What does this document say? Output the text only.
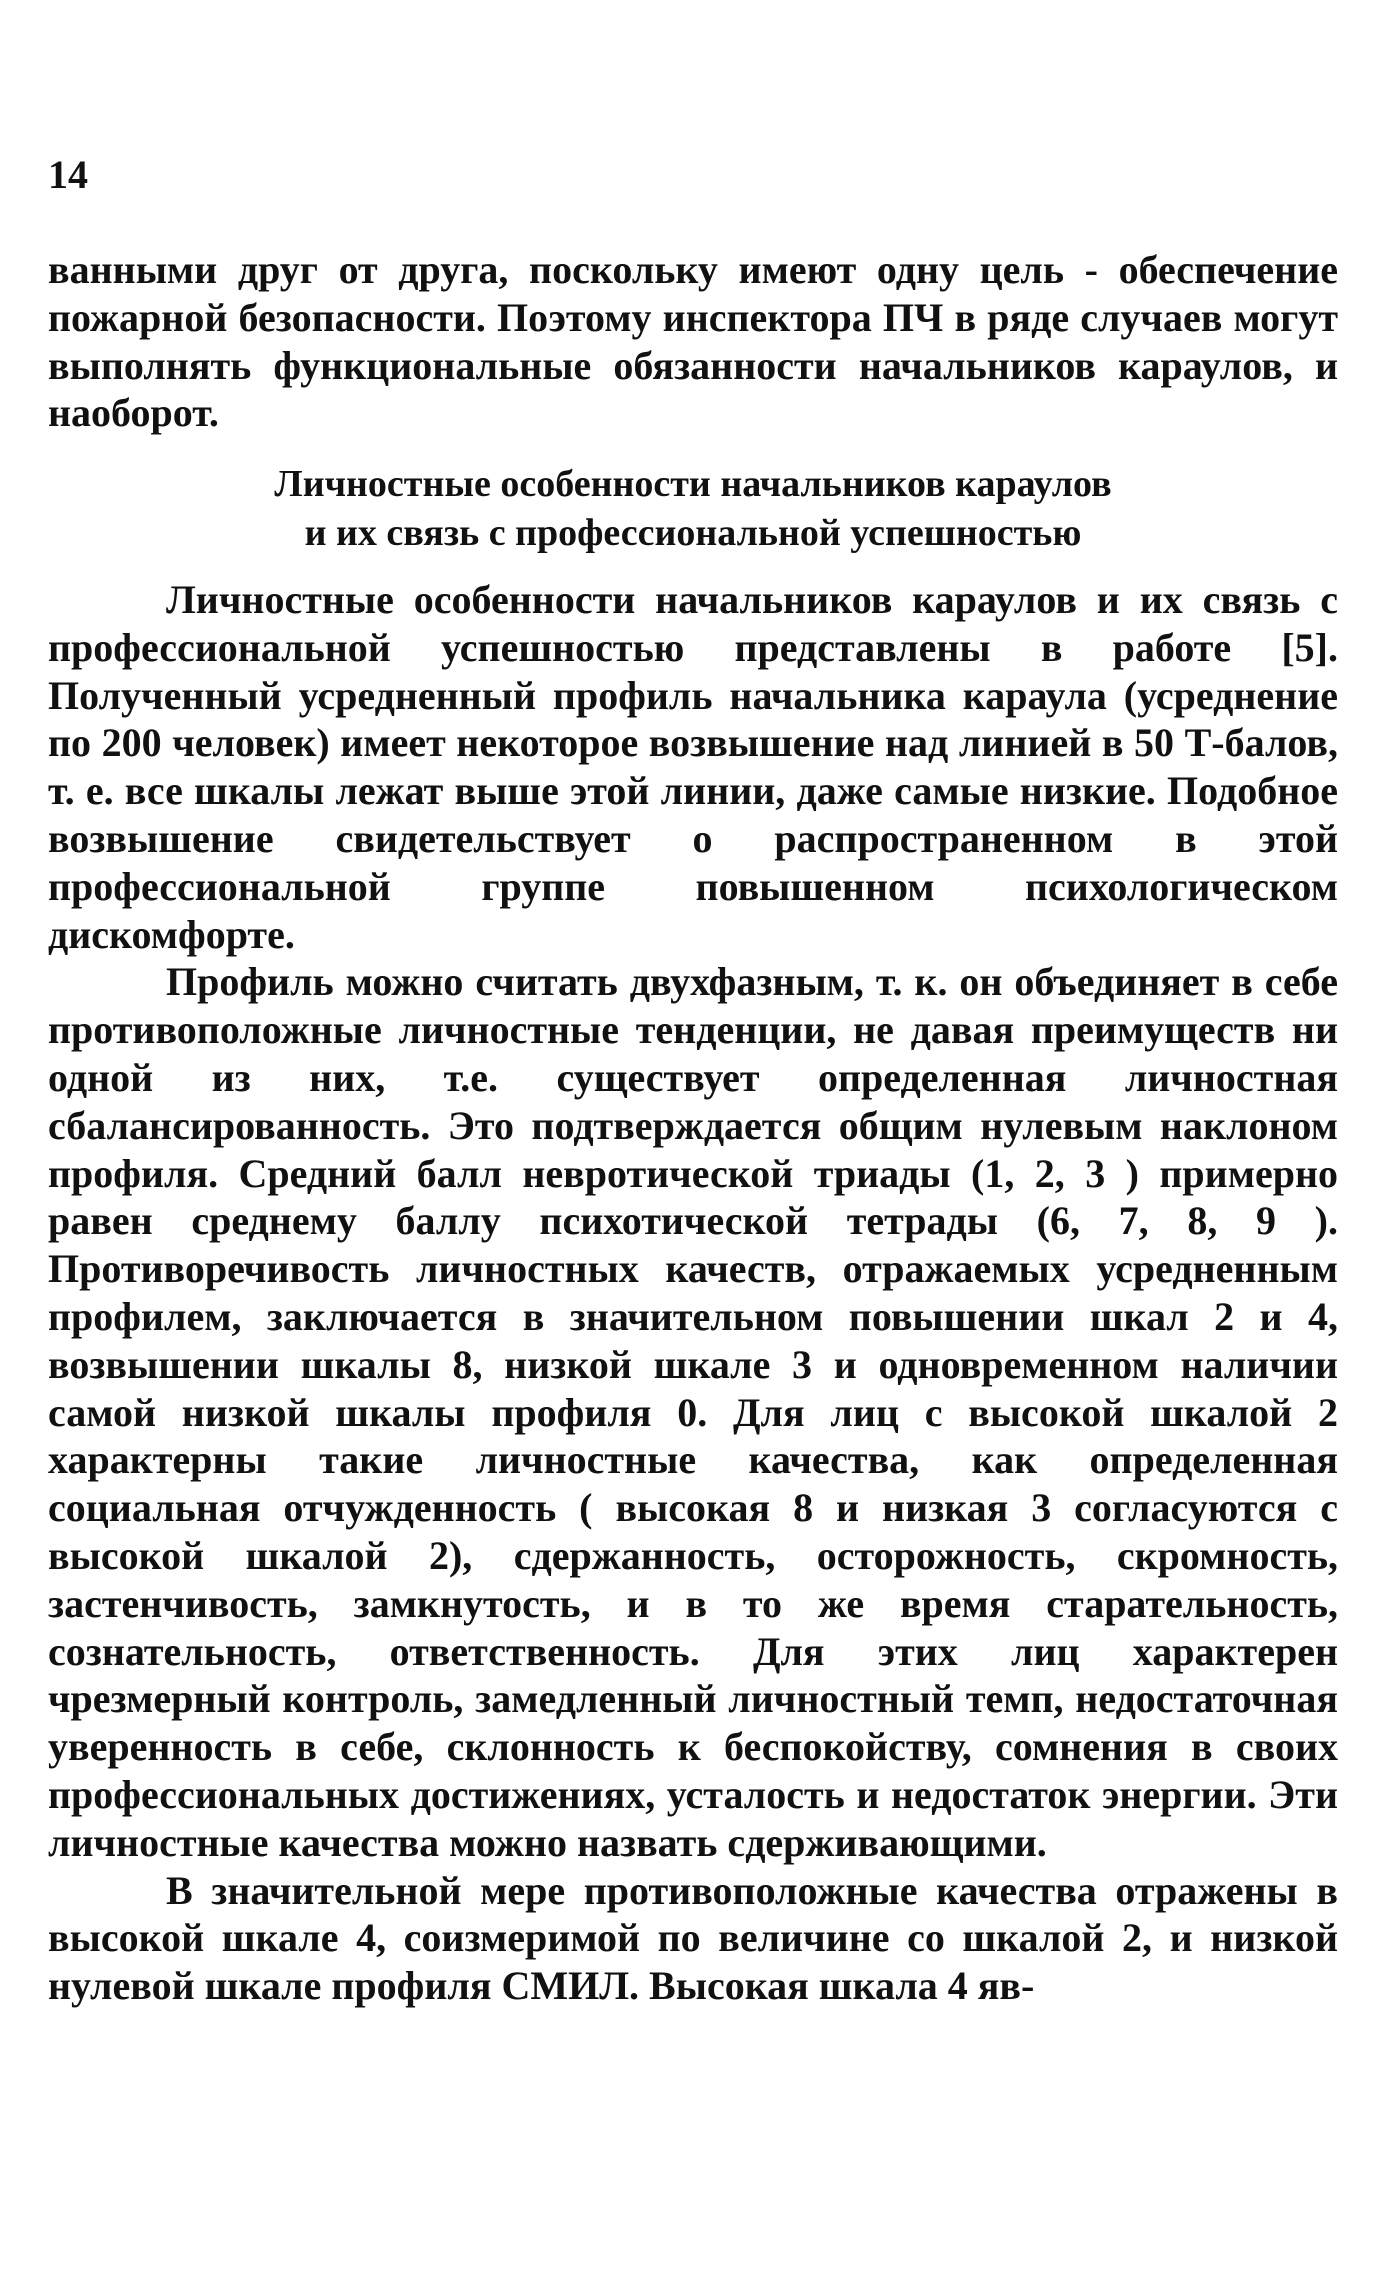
14

ванными друг от друга, поскольку имеют одну цель - обеспечение пожарной безопасности. Поэтому инспектора ПЧ в ряде случаев могут выполнять функциональные обязанности начальников караулов, и наоборот.

Личностные особенности начальников караулов
и их связь с профессиональной успешностью

Личностные особенности начальников караулов и их связь с профессиональной успешностью представлены в работе [5]. Полученный усредненный профиль начальника караула (усреднение по 200 человек) имеет некоторое возвышение над линией в 50 Т-балов, т. е. все шкалы лежат выше этой линии, даже самые низкие. Подобное возвышение свидетельствует о распространенном в этой профессиональной группе повышенном психологическом дискомфорте.

Профиль можно считать двухфазным, т. к. он объединяет в себе противоположные личностные тенденции, не давая преимуществ ни одной из них, т.е. существует определенная личностная сбалансированность. Это подтверждается общим нулевым наклоном профиля. Средний балл невротической триады (1, 2, 3 ) примерно равен среднему баллу психотической тетрады (6, 7, 8, 9 ). Противоречивость личностных качеств, отражаемых усредненным профилем, заключается в значительном повышении шкал 2 и 4, возвышении шкалы 8, низкой шкале 3 и одновременном наличии самой низкой шкалы профиля 0. Для лиц с высокой шкалой 2 характерны такие личностные качества, как определенная социальная отчужденность ( высокая 8 и низкая 3 согласуются с высокой шкалой 2), сдержанность, осторожность, скромность, застенчивость, замкнутость, и в то же время старательность, сознательность, ответственность. Для этих лиц характерен чрезмерный контроль, замедленный личностный темп, недостаточная уверенность в себе, склонность к беспокойству, сомнения в своих профессиональных достижениях, усталость и недостаток энергии. Эти личностные качества можно назвать сдерживающими.

В значительной мере противоположные качества отражены в высокой шкале 4, соизмеримой по величине со шкалой 2, и низкой нулевой шкале профиля СМИЛ. Высокая шкала 4 яв-
